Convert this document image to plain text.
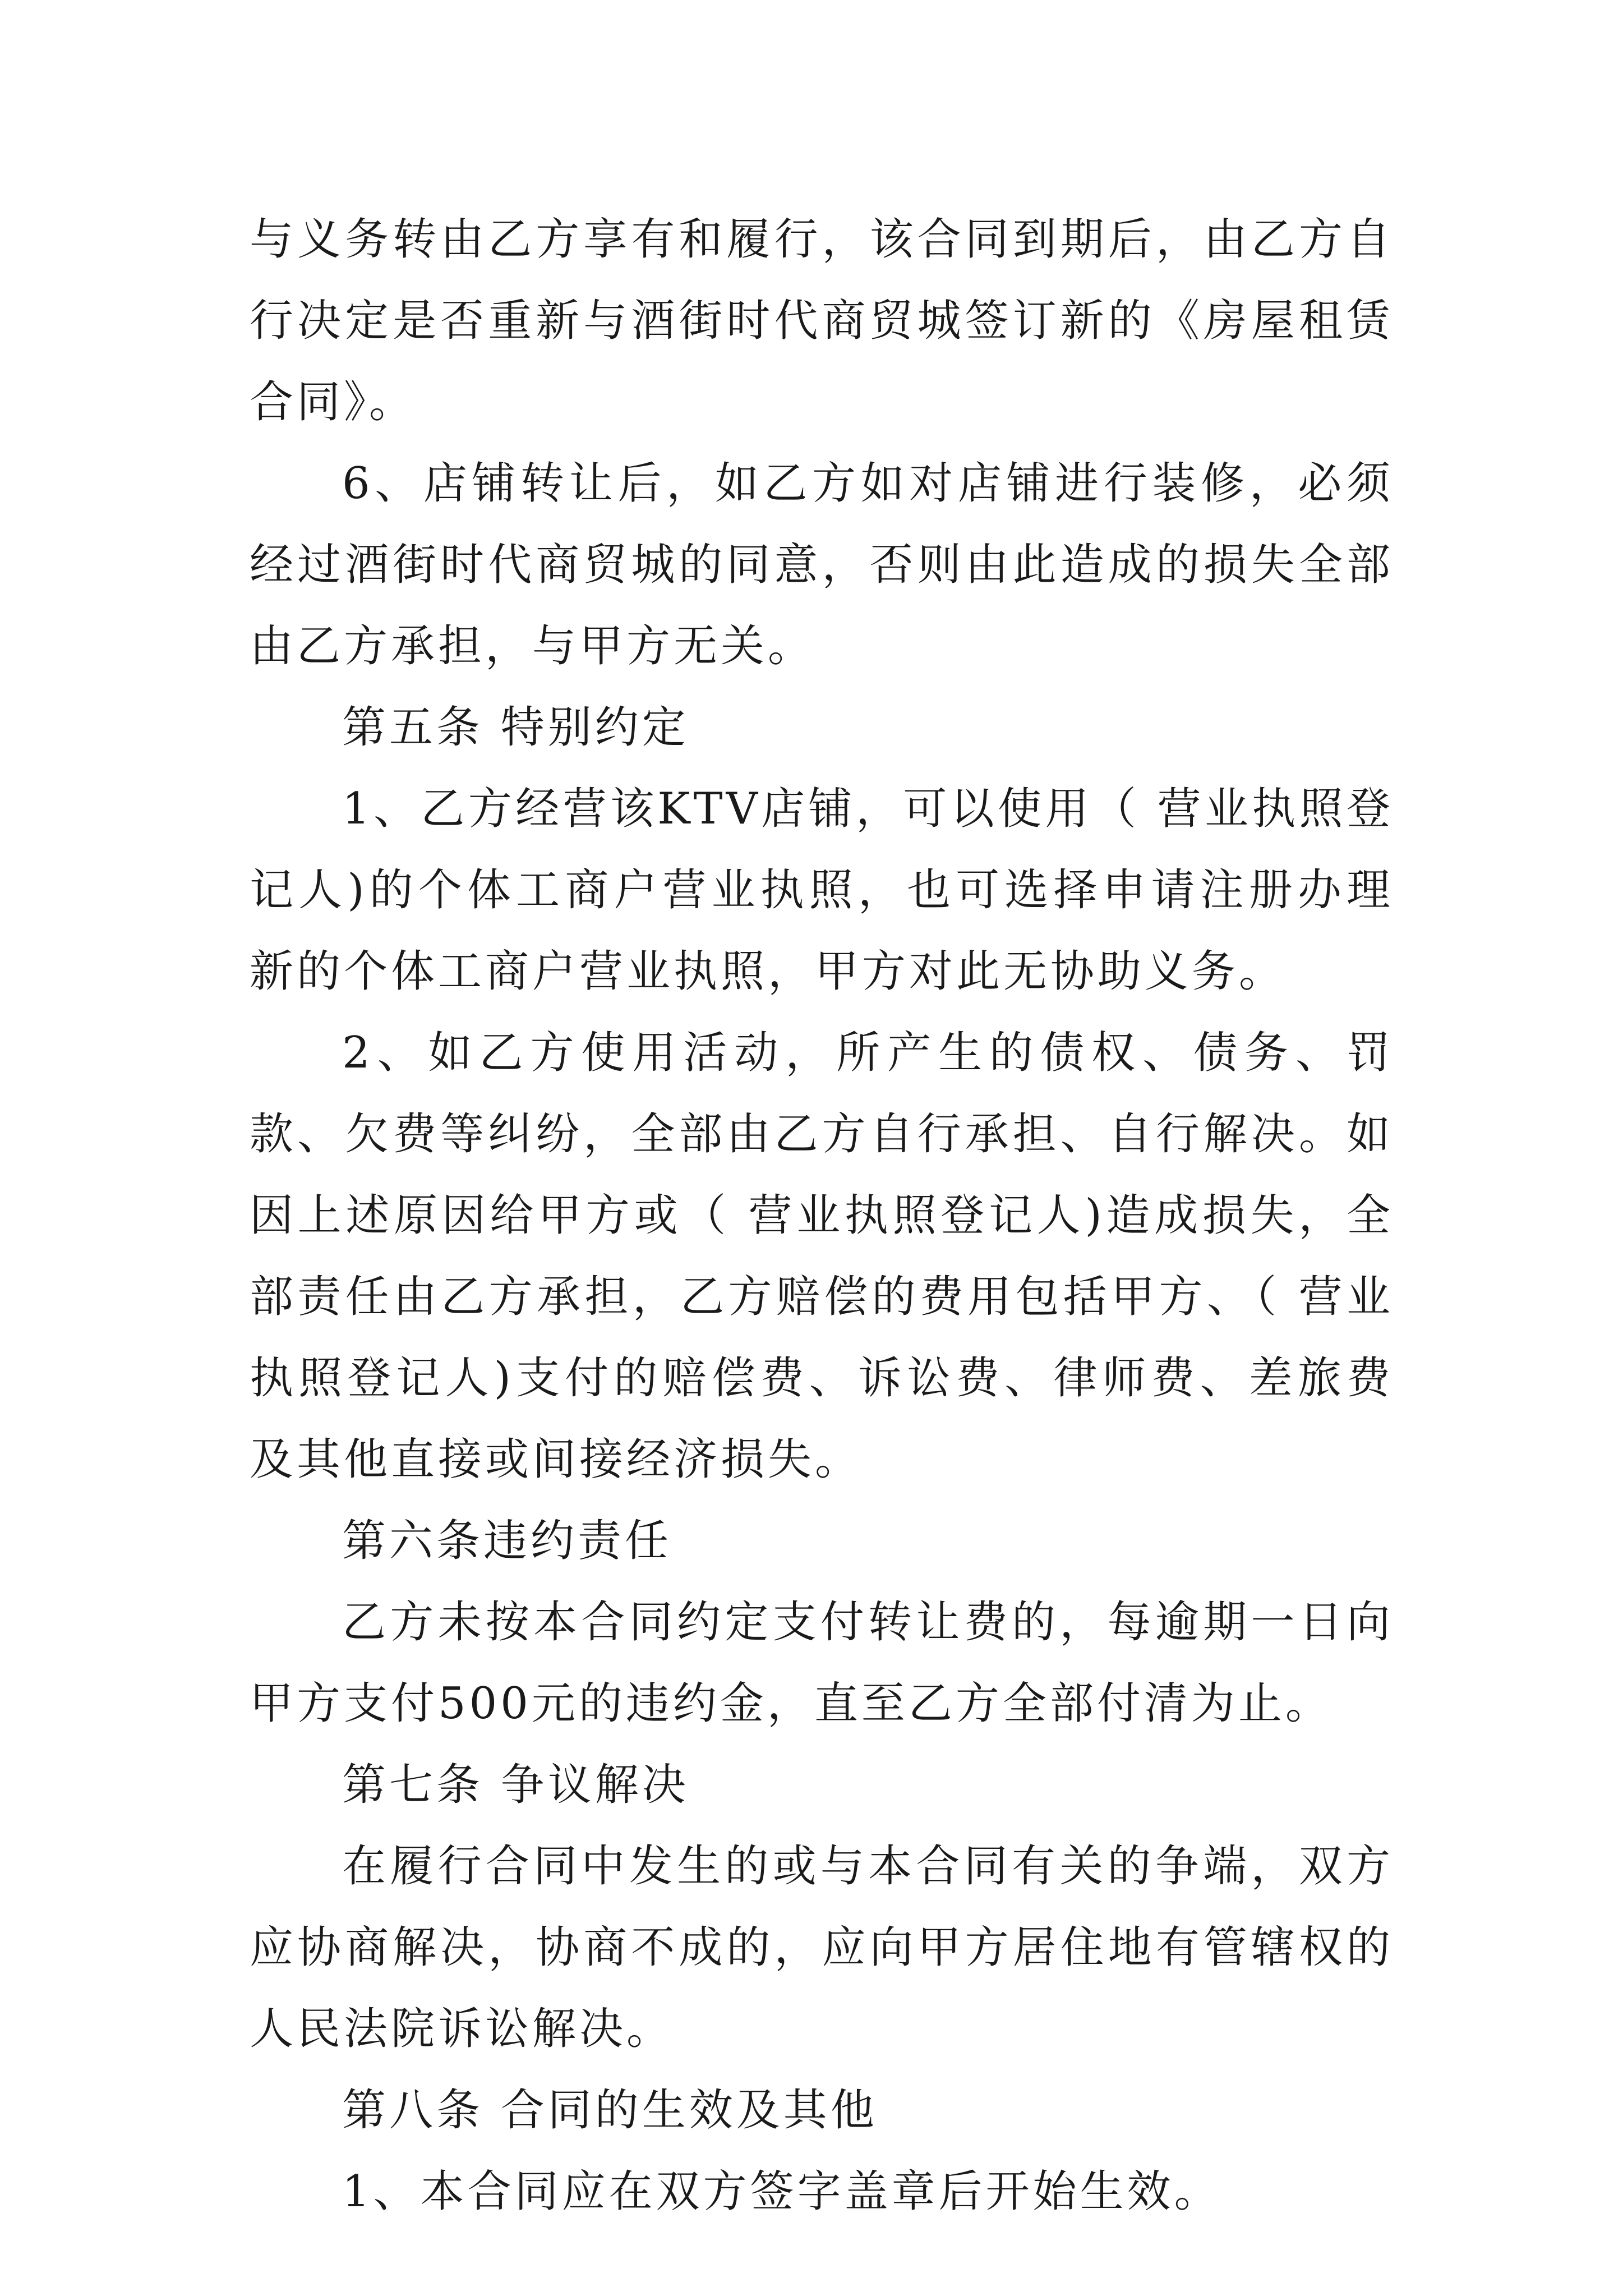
与义务转由乙方享有和履行，该合同到期后，由乙方自行决定是否重新与酒街时代商贸城签订新的《房屋租赁合同》。

6、店铺转让后，如乙方如对店铺进行装修，必须经过酒街时代商贸城的同意，否则由此造成的损失全部由乙方承担，与甲方无关。

第五条 特别约定

1、乙方经营该KTV店铺，可以使用（ 营业执照登记人)的个体工商户营业执照，也可选择申请注册办理新的个体工商户营业执照，甲方对此无协助义务。

2、如乙方使用活动，所产生的债权、债务、罚款、欠费等纠纷，全部由乙方自行承担、自行解决。如因上述原因给甲方或（ 营业执照登记人)造成损失，全部责任由乙方承担，乙方赔偿的费用包括甲方、（ 营业执照登记人)支付的赔偿费、诉讼费、律师费、差旅费及其他直接或间接经济损失。

第六条违约责任

乙方未按本合同约定支付转让费的，每逾期一日向甲方支付500元的违约金，直至乙方全部付清为止。

第七条 争议解决

在履行合同中发生的或与本合同有关的争端，双方应协商解决，协商不成的，应向甲方居住地有管辖权的人民法院诉讼解决。

第八条 合同的生效及其他

1、本合同应在双方签字盖章后开始生效。
